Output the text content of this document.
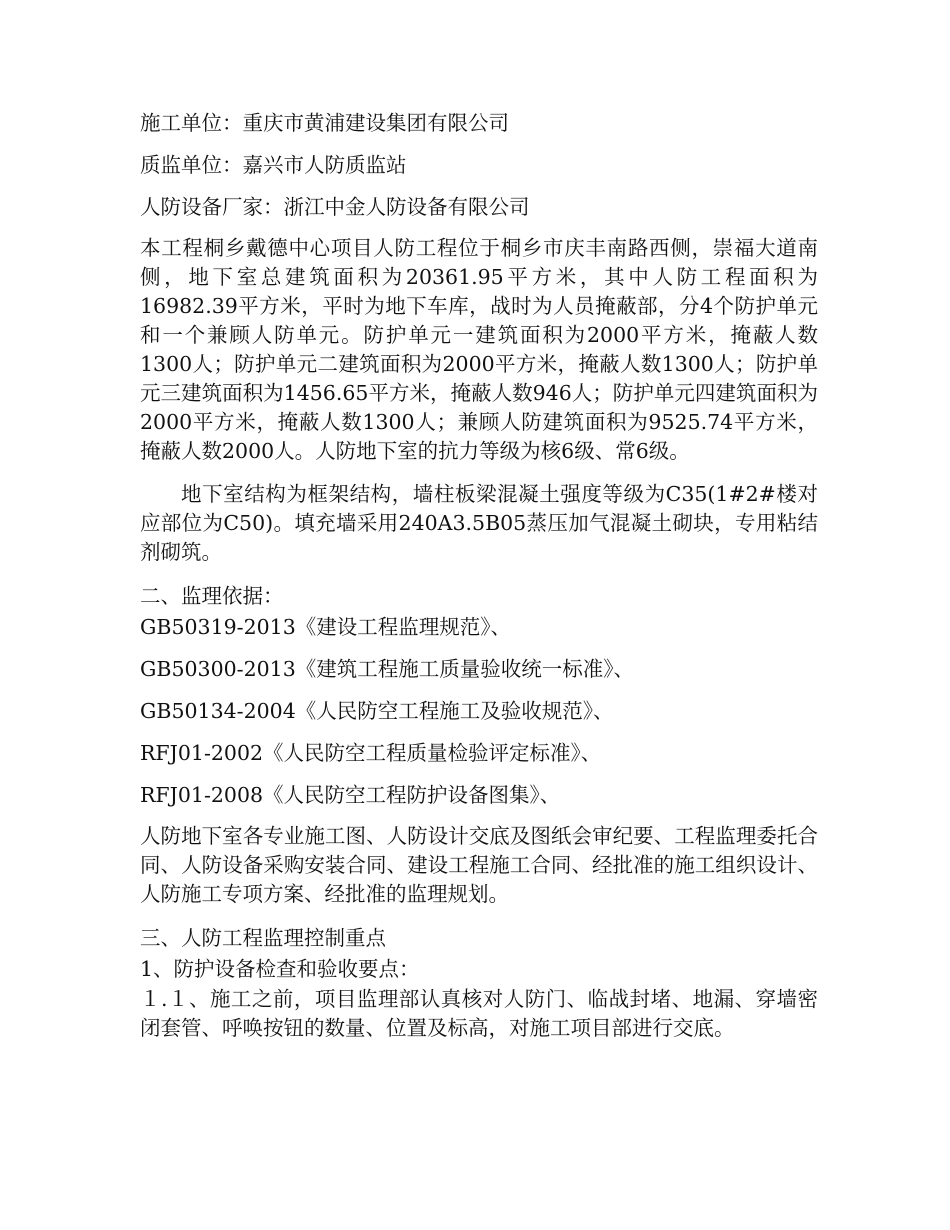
施工单位：重庆市黄浦建设集团有限公司

质监单位：嘉兴市人防质监站

人防设备厂家：浙江中金人防设备有限公司

本工程桐乡戴德中心项目人防工程位于桐乡市庆丰南路西侧，崇福大道南侧，地下室总建筑面积为20361.95平方米，其中人防工程面积为16982.39平方米，平时为地下车库，战时为人员掩蔽部，分4个防护单元和一个兼顾人防单元。防护单元一建筑面积为2000平方米，掩蔽人数1300人；防护单元二建筑面积为2000平方米，掩蔽人数1300人；防护单元三建筑面积为1456.65平方米，掩蔽人数946人；防护单元四建筑面积为2000平方米，掩蔽人数1300人；兼顾人防建筑面积为9525.74平方米，掩蔽人数2000人。人防地下室的抗力等级为核6级、常6级。

地下室结构为框架结构，墙柱板梁混凝土强度等级为C35(1#2#楼对应部位为C50)。填充墙采用240A3.5B05蒸压加气混凝土砌块，专用粘结剂砌筑。

二、监理依据：

GB50319-2013《建设工程监理规范》、

GB50300-2013《建筑工程施工质量验收统一标准》、

GB50134-2004《人民防空工程施工及验收规范》、

RFJ01-2002《人民防空工程质量检验评定标准》、

RFJ01-2008《人民防空工程防护设备图集》、

人防地下室各专业施工图、人防设计交底及图纸会审纪要、工程监理委托合同、人防设备采购安装合同、建设工程施工合同、经批准的施工组织设计、人防施工专项方案、经批准的监理规划。

三、人防工程监理控制重点

1、防护设备检查和验收要点：

１.１、施工之前，项目监理部认真核对人防门、临战封堵、地漏、穿墙密闭套管、呼唤按钮的数量、位置及标高，对施工项目部进行交底。
